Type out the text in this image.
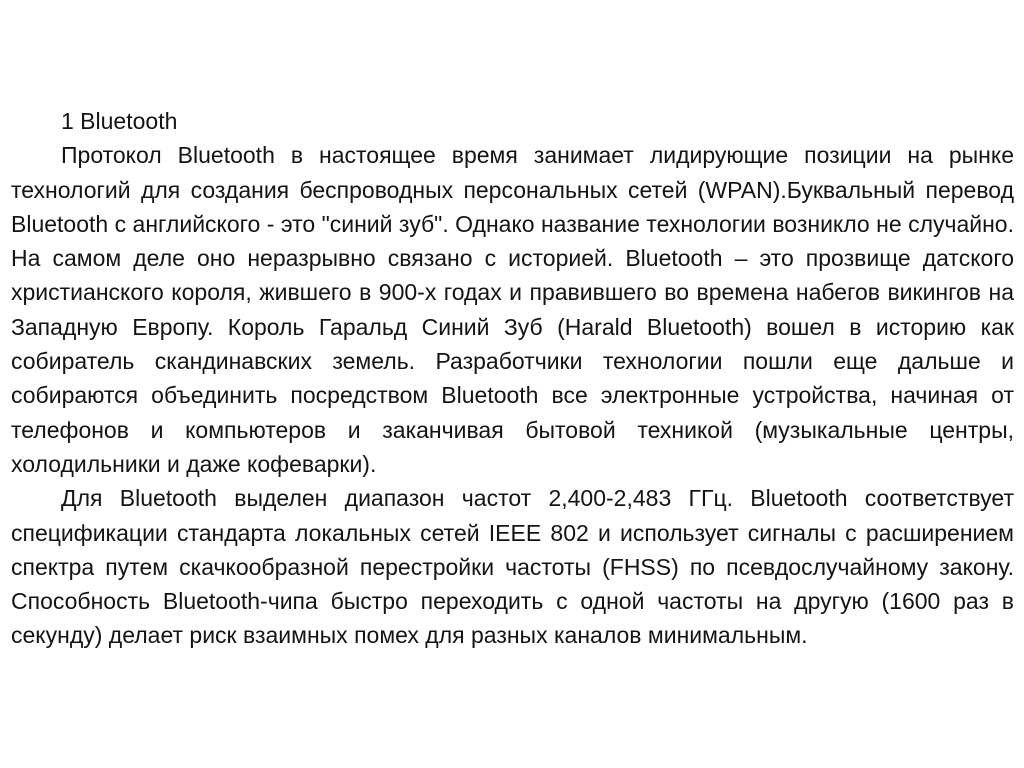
1 Bluetooth

Протокол Bluetooth в настоящее время занимает лидирующие позиции на рынке технологий для создания беспроводных персональных сетей (WPAN).Буквальный перевод Bluetooth с английского - это "синий зуб". Однако название технологии возникло не случайно. На самом деле оно неразрывно связано с историей. Bluetooth – это прозвище датского христианского короля, жившего в 900-х годах и правившего во времена набегов викингов на Западную Европу. Король Гаральд Синий Зуб (Harald Bluetooth) вошел в историю как собиратель скандинавских земель. Разработчики технологии пошли еще дальше и собираются объединить посредством Bluetooth все электронные устройства, начиная от телефонов и компьютеров и заканчивая бытовой техникой (музыкальные центры, холодильники и даже кофеварки).

Для Bluetooth выделен диапазон частот 2,400-2,483 ГГц. Bluetooth соответствует спецификации стандарта локальных сетей IEEE 802 и использует сигналы с расширением спектра путем скачкообразной перестройки частоты (FHSS) по псевдослучайному закону. Способность Bluetooth-чипа быстро переходить с одной частоты на другую (1600 раз в секунду) делает риск взаимных помех для разных каналов минимальным.
